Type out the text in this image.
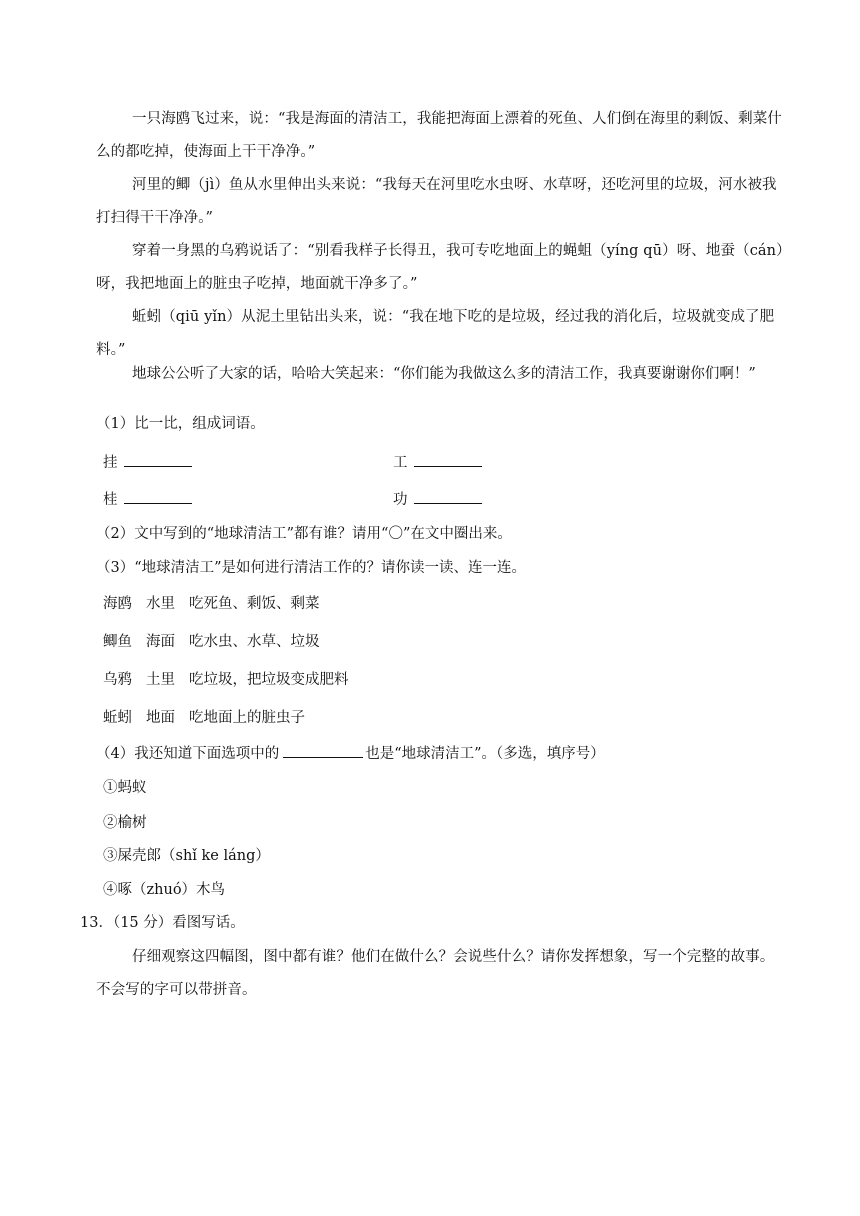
一只海鸥飞过来，说：“我是海面的清洁工，我能把海面上漂着的死鱼、人们倒在海里的剩饭、剩菜什么的都吃掉，使海面上干干净净。”
河里的鲫（jì）鱼从水里伸出头来说：“我每天在河里吃水虫呀、水草呀，还吃河里的垃圾，河水被我打扫得干干净净。”
穿着一身黑的乌鸦说话了：“别看我样子长得丑，我可专吃地面上的蝇蛆（yíng qū）呀、地蚕（cán）呀，我把地面上的脏虫子吃掉，地面就干净多了。”
蚯蚓（qiū yǐn）从泥土里钻出头来，说：“我在地下吃的是垃圾，经过我的消化后，垃圾就变成了肥料。”
地球公公听了大家的话，哈哈大笑起来：“你们能为我做这么多的清洁工作，我真要谢谢你们啊！”
（1）比一比，组成词语。
挂	工
桂	功
（2）文中写到的“地球清洁工”都有谁？请用“〇”在文中圈出来。
（3）“地球清洁工”是如何进行清洁工作的？请你读一读、连一连。
海鸥 水里 吃死鱼、剩饭、剩菜
鲫鱼 海面 吃水虫、水草、垃圾
乌鸦 土里 吃垃圾，把垃圾变成肥料
蚯蚓 地面 吃地面上的脏虫子
（4）我还知道下面选项中的	也是“地球清洁工”。（多选，填序号）
①蚂蚁
②榆树
③屎壳郎（shǐ ke láng）
④啄（zhuó）木鸟
13．（15 分）看图写话。
仔细观察这四幅图，图中都有谁？他们在做什么？会说些什么？请你发挥想象，写一个完整的故事。不会写的字可以带拼音。
